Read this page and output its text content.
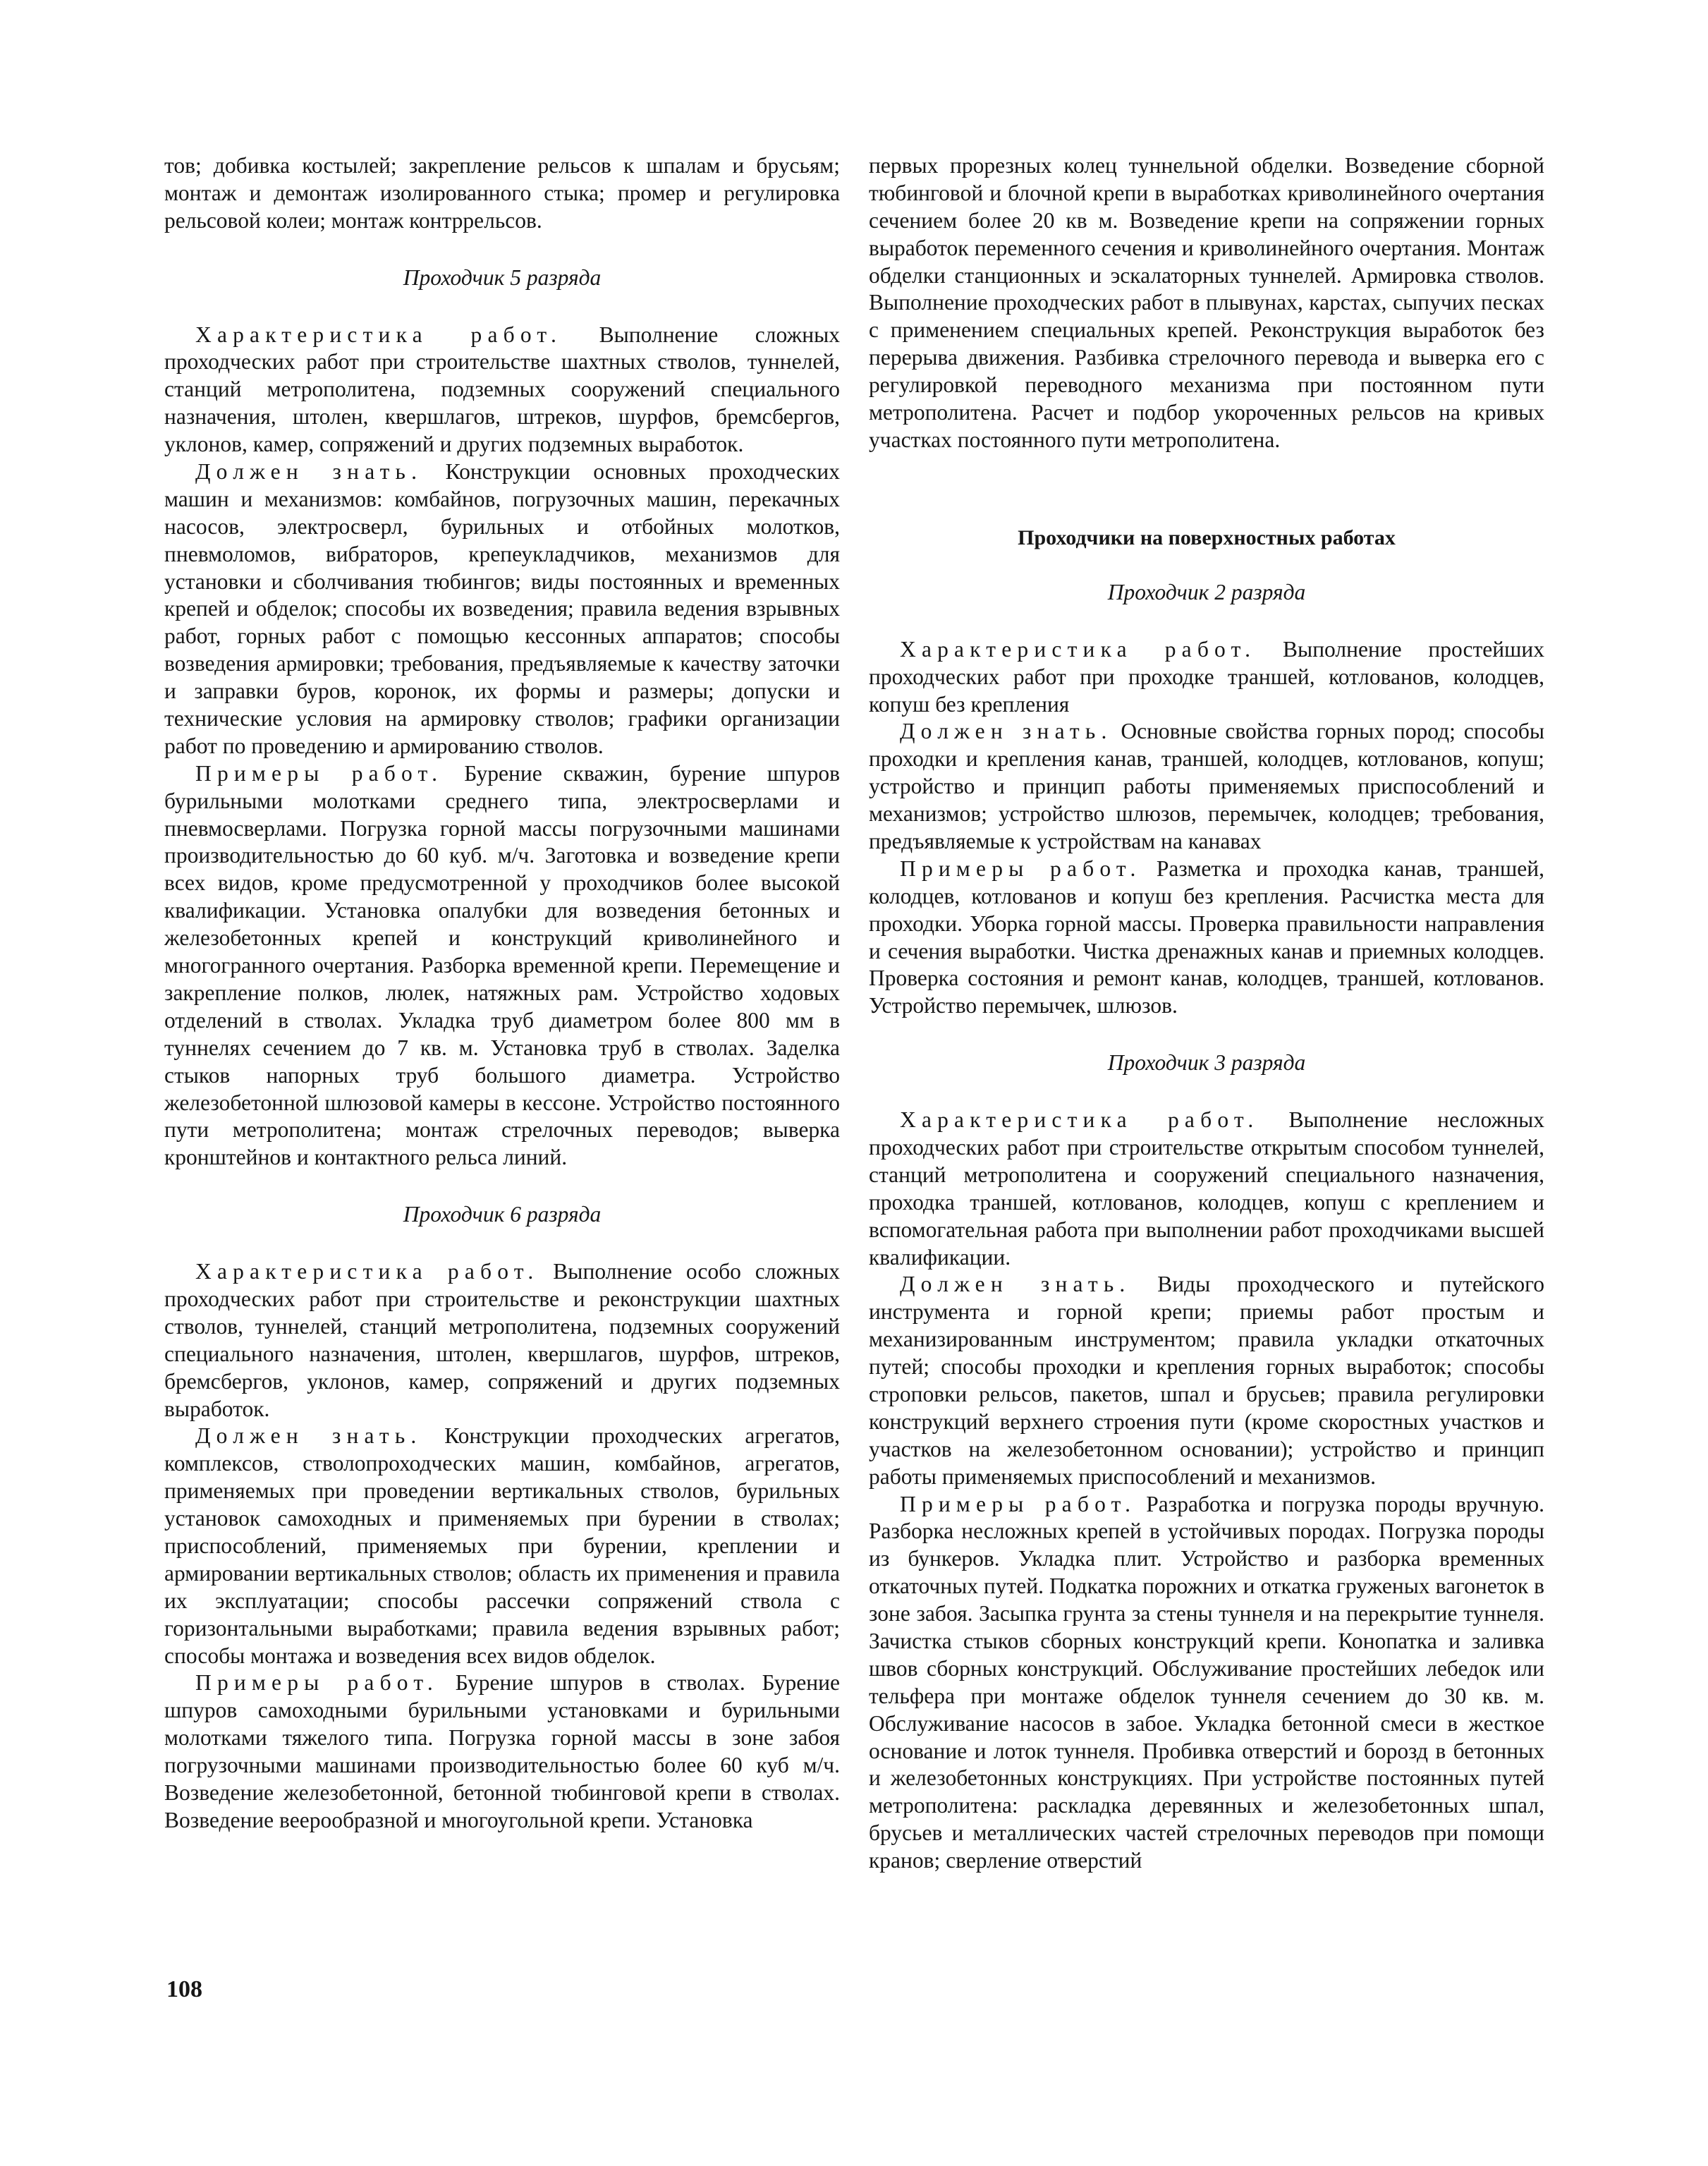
тов; добивка костылей; закрепление рельсов к шпалам и брусьям; монтаж и демонтаж изолированного стыка; промер и регулировка рельсовой колеи; монтаж контррельсов.

Проходчик 5 разряда

Характеристика работ. Выполнение сложных проходческих работ при строительстве шахтных стволов, туннелей, станций метрополитена, подземных сооружений специального назначения, штолен, квершлагов, штреков, шурфов, бремсбергов, уклонов, камер, сопряжений и других подземных выработок.

Должен знать. Конструкции основных проходческих машин и механизмов: комбайнов, погрузочных машин, перекачных насосов, электросверл, бурильных и отбойных молотков, пневмоломов, вибраторов, крепеукладчиков, механизмов для установки и сболчивания тюбингов; виды постоянных и временных крепей и обделок; способы их возведения; правила ведения взрывных работ, горных работ с помощью кессонных аппаратов; способы возведения армировки; требования, предъявляемые к качеству заточки и заправки буров, коронок, их формы и размеры; допуски и технические условия на армировку стволов; графики организации работ по проведению и армированию стволов.

Примеры работ. Бурение скважин, бурение шпуров бурильными молотками среднего типа, электросверлами и пневмосверлами. Погрузка горной массы погрузочными машинами производительностью до 60 куб. м/ч. Заготовка и возведение крепи всех видов, кроме предусмотренной у проходчиков более высокой квалификации. Установка опалубки для возведения бетонных и железобетонных крепей и конструкций криволинейного и многогранного очертания. Разборка временной крепи. Перемещение и закрепление полков, люлек, натяжных рам. Устройство ходовых отделений в стволах. Укладка труб диаметром более 800 мм в туннелях сечением до 7 кв. м. Установка труб в стволах. Заделка стыков напорных труб большого диаметра. Устройство железобетонной шлюзовой камеры в кессоне. Устройство постоянного пути метрополитена; монтаж стрелочных переводов; выверка кронштейнов и контактного рельса линий.

Проходчик 6 разряда

Характеристика работ. Выполнение особо сложных проходческих работ при строительстве и реконструкции шахтных стволов, туннелей, станций метрополитена, подземных сооружений специального назначения, штолен, квершлагов, шурфов, штреков, бремсбергов, уклонов, камер, сопряжений и других подземных выработок.

Должен знать. Конструкции проходческих агрегатов, комплексов, стволопроходческих машин, комбайнов, агрегатов, применяемых при проведении вертикальных стволов, бурильных установок самоходных и применяемых при бурении в стволах; приспособлений, применяемых при бурении, креплении и армировании вертикальных стволов; область их применения и правила их эксплуатации; способы рассечки сопряжений ствола с горизонтальными выработками; правила ведения взрывных работ; способы монтажа и возведения всех видов обделок.

Примеры работ. Бурение шпуров в стволах. Бурение шпуров самоходными бурильными установками и бурильными молотками тяжелого типа. Погрузка горной массы в зоне забоя погрузочными машинами производительностью более 60 куб м/ч. Возведение железобетонной, бетонной тюбинговой крепи в стволах. Возведение веерообразной и многоугольной крепи. Установка

первых прорезных колец туннельной обделки. Возведение сборной тюбинговой и блочной крепи в выработках криволинейного очертания сечением более 20 кв м. Возведение крепи на сопряжении горных выработок переменного сечения и криволинейного очертания. Монтаж обделки станционных и эскалаторных туннелей. Армировка стволов. Выполнение проходческих работ в плывунах, карстах, сыпучих песках с применением специальных крепей. Реконструкция выработок без перерыва движения. Разбивка стрелочного перевода и выверка его с регулировкой переводного механизма при постоянном пути метрополитена. Расчет и подбор укороченных рельсов на кривых участках постоянного пути метрополитена.

Проходчики на поверхностных работах

Проходчик 2 разряда

Характеристика работ. Выполнение простейших проходческих работ при проходке траншей, котлованов, колодцев, копуш без крепления

Должен знать. Основные свойства горных пород; способы проходки и крепления канав, траншей, колодцев, котлованов, копуш; устройство и принцип работы применяемых приспособлений и механизмов; устройство шлюзов, перемычек, колодцев; требования, предъявляемые к устройствам на канавах

Примеры работ. Разметка и проходка канав, траншей, колодцев, котлованов и копуш без крепления. Расчистка места для проходки. Уборка горной массы. Проверка правильности направления и сечения выработки. Чистка дренажных канав и приемных колодцев. Проверка состояния и ремонт канав, колодцев, траншей, котлованов. Устройство перемычек, шлюзов.

Проходчик 3 разряда

Характеристика работ. Выполнение несложных проходческих работ при строительстве открытым способом туннелей, станций метрополитена и сооружений специального назначения, проходка траншей, котлованов, колодцев, копуш с креплением и вспомогательная работа при выполнении работ проходчиками высшей квалификации.

Должен знать. Виды проходческого и путейского инструмента и горной крепи; приемы работ простым и механизированным инструментом; правила укладки откаточных путей; способы проходки и крепления горных выработок; способы строповки рельсов, пакетов, шпал и брусьев; правила регулировки конструкций верхнего строения пути (кроме скоростных участков и участков на железобетонном основании); устройство и принцип работы применяемых приспособлений и механизмов.

Примеры работ. Разработка и погрузка породы вручную. Разборка несложных крепей в устойчивых породах. Погрузка породы из бункеров. Укладка плит. Устройство и разборка временных откаточных путей. Подкатка порожних и откатка груженых вагонеток в зоне забоя. Засыпка грунта за стены туннеля и на перекрытие туннеля. Зачистка стыков сборных конструкций крепи. Конопатка и заливка швов сборных конструкций. Обслуживание простейших лебедок или тельфера при монтаже обделок туннеля сечением до 30 кв. м. Обслуживание насосов в забое. Укладка бетонной смеси в жесткое основание и лоток туннеля. Пробивка отверстий и борозд в бетонных и железобетонных конструкциях. При устройстве постоянных путей метрополитена: раскладка деревянных и железобетонных шпал, брусьев и металлических частей стрелочных переводов при помощи кранов; сверление отверстий

108
